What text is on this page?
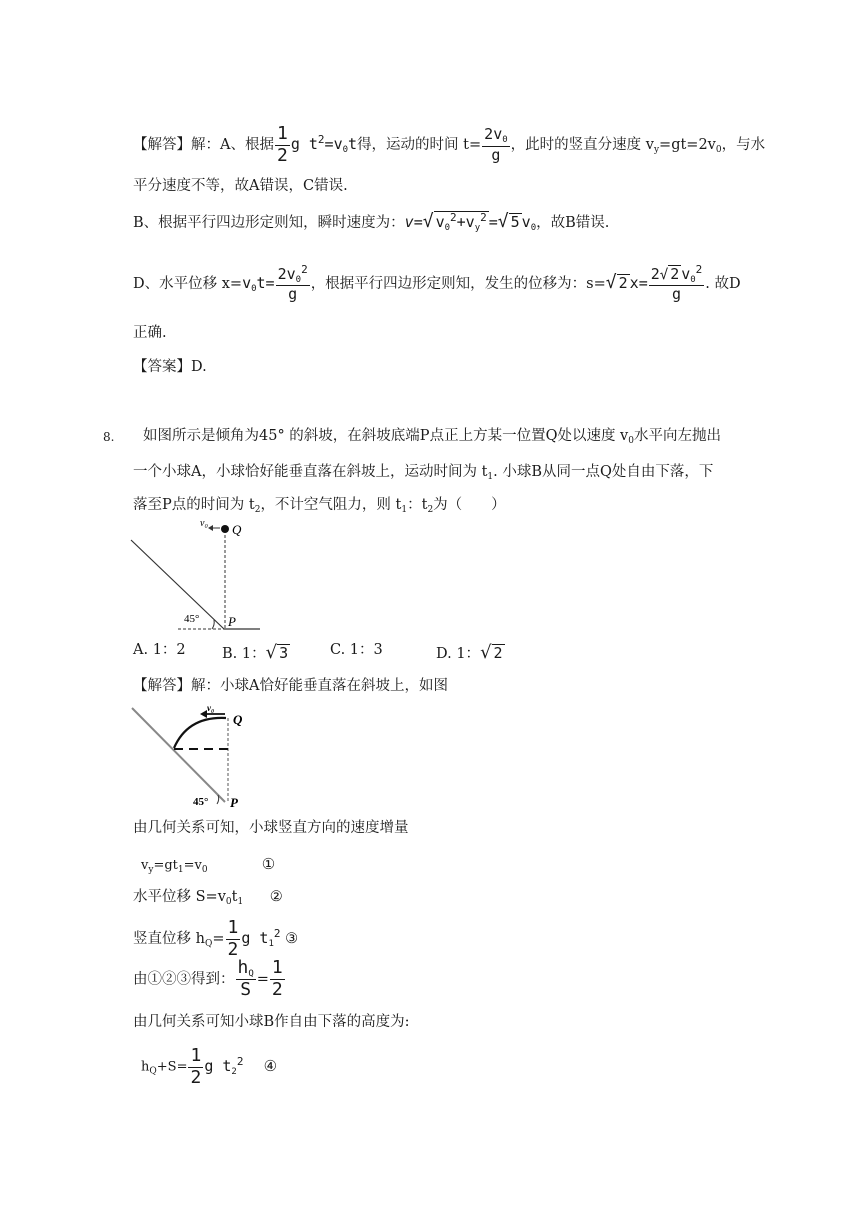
【解答】解：A、根据 $\frac{1}{2}$ g $t^2=v_0t$得，运动的时间 $t= \frac{2v_0}{g}$ ，此时的竖直分速度 $v_y=gt=2v_0$，与水
平分速度不等，故A错误，C错误.
B、根据平行四边形定则知，瞬时速度为：v=√ $v_0^2+v_y^2$ =√ 5 $v_0$，故B错误.
D、水平位移 $x=v_0t= \frac{2v_0^2}{g}$ ，根据平行四边形定则知，发生的位移为：s=√ 2 $x= \frac{2√ 2 v_0^2}{g}$ . 故D
正确.
【答案】D.
8. 如图所示是倾角为45° 的斜坡，在斜坡底端P点正上方某一位置Q处以速度 $v_0$水平向左抛出
一个小球A，小球恰好能垂直落在斜坡上，运动时间为 $t_1$. 小球B从同一点Q处自由下落，下
落至P点的时间为 $t_2$，不计空气阻力，则 $t_1$：$t_2$为（　　）
v₀ Q
P
45°
A. 1：2	B. 1：√ 3	C. 1：3	D. 1：√ 2
【解答】解：小球A恰好能垂直落在斜坡上，如图
v₀
Q
P
45°
由几何关系可知，小球竖直方向的速度增量
$v_y=gt_1=v_0$	①
水平位移 $S=v_0t_1$ ②
竖直位移 $h_Q= \frac{1}{2}$ g $t_1^2$ ③
由①②③得到： $\frac{h_Q}{S} = \frac{1}{2}$
由几何关系可知小球B作自由下落的高度为:
$h_Q+S= \frac{1}{2}$ g $t_2^2$ ④
